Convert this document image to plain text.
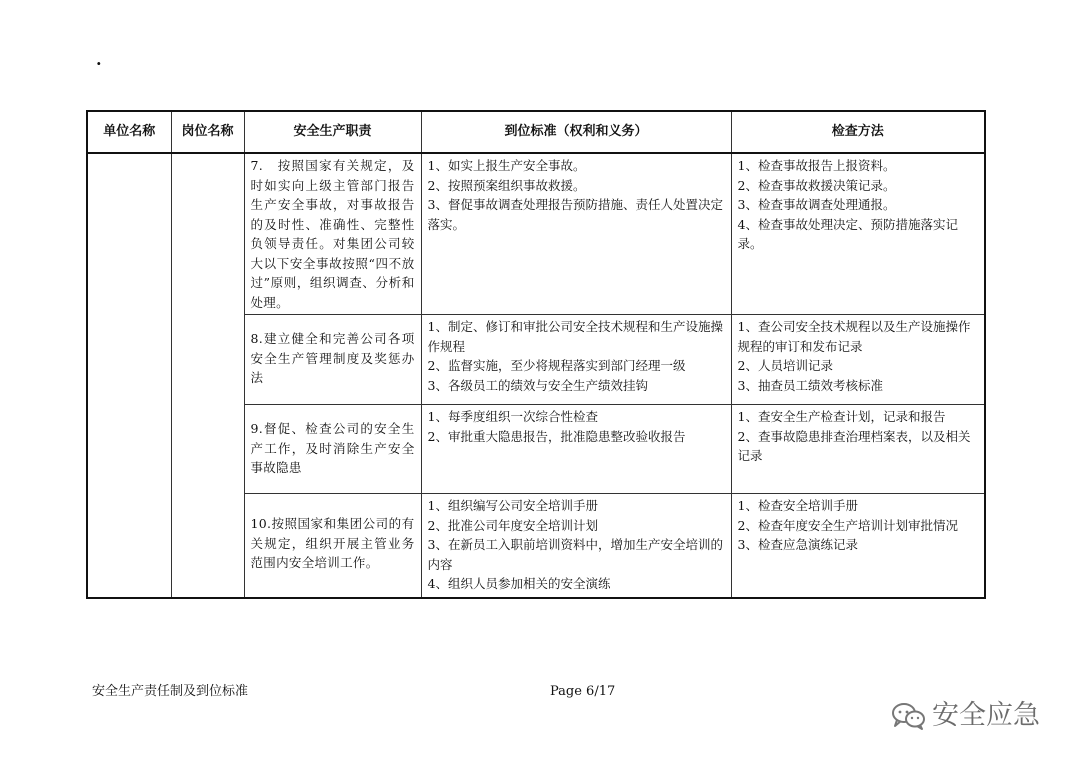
.
单位名称	岗位名称	安全生产职责	到位标准（权利和义务）	检查方法
		7.　按照国家有关规定，及时如实向上级主管部门报告生产安全事故，对事故报告的及时性、准确性、完整性负领导责任。对集团公司较大以下安全事故按照“四不放过”原则，组织调查、分析和处理。	1、如实上报生产安全事故。
2、按照预案组织事故救援。
3、督促事故调查处理报告预防措施、责任人处置决定落实。	1、检查事故报告上报资料。
2、检查事故救援决策记录。
3、检查事故调查处理通报。
4、检查事故处理决定、预防措施落实记录。

		8.建立健全和完善公司各项安全生产管理制度及奖惩办法	1、制定、修订和审批公司安全技术规程和生产设施操作规程
2、监督实施，至少将规程落实到部门经理一级
3、各级员工的绩效与安全生产绩效挂钩	1、查公司安全技术规程以及生产设施操作规程的审订和发布记录
2、人员培训记录
3、抽查员工绩效考核标准

		9.督促、检查公司的安全生产工作，及时消除生产安全事故隐患	1、每季度组织一次综合性检查
2、审批重大隐患报告，批准隐患整改验收报告	1、查安全生产检查计划，记录和报告
2、查事故隐患排查治理档案表，以及相关记录

		10.按照国家和集团公司的有关规定，组织开展主管业务范围内安全培训工作。	1、组织编写公司安全培训手册
2、批准公司年度安全培训计划
3、在新员工入职前培训资料中，增加生产安全培训的内容
4、组织人员参加相关的安全演练	1、检查安全培训手册
2、检查年度安全生产培训计划审批情况
3、检查应急演练记录
安全生产责任制及到位标准	Page 6/17
安全应急
